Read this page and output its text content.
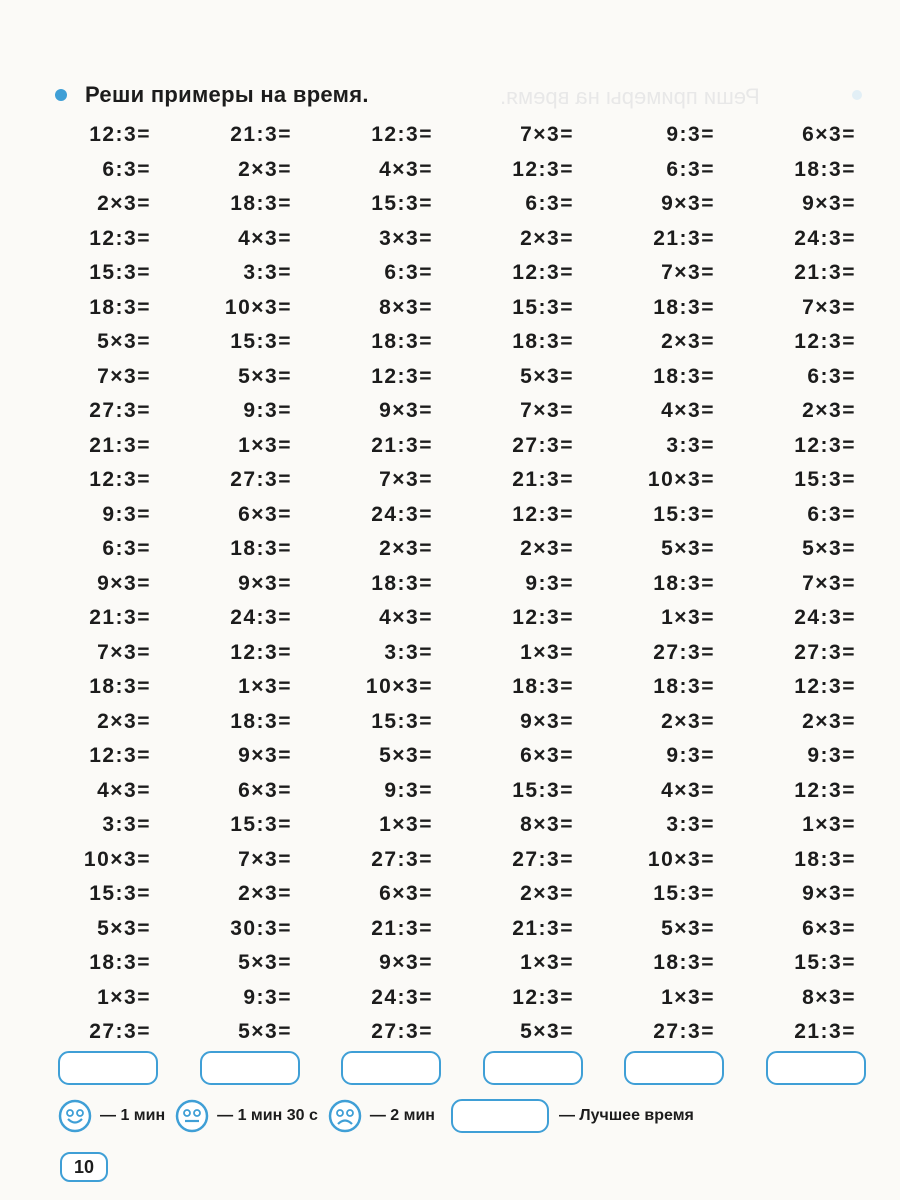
Реши примеры на время.
Реши примеры на время.
12:3=	21:3=	12:3=	7×3=	9:3=	6×3=
6:3=	2×3=	4×3=	12:3=	6:3=	18:3=
2×3=	18:3=	15:3=	6:3=	9×3=	9×3=
12:3=	4×3=	3×3=	2×3=	21:3=	24:3=
15:3=	3:3=	6:3=	12:3=	7×3=	21:3=
18:3=	10×3=	8×3=	15:3=	18:3=	7×3=
5×3=	15:3=	18:3=	18:3=	2×3=	12:3=
7×3=	5×3=	12:3=	5×3=	18:3=	6:3=
27:3=	9:3=	9×3=	7×3=	4×3=	2×3=
21:3=	1×3=	21:3=	27:3=	3:3=	12:3=
12:3=	27:3=	7×3=	21:3=	10×3=	15:3=
9:3=	6×3=	24:3=	12:3=	15:3=	6:3=
6:3=	18:3=	2×3=	2×3=	5×3=	5×3=
9×3=	9×3=	18:3=	9:3=	18:3=	7×3=
21:3=	24:3=	4×3=	12:3=	1×3=	24:3=
7×3=	12:3=	3:3=	1×3=	27:3=	27:3=
18:3=	1×3=	10×3=	18:3=	18:3=	12:3=
2×3=	18:3=	15:3=	9×3=	2×3=	2×3=
12:3=	9×3=	5×3=	6×3=	9:3=	9:3=
4×3=	6×3=	9:3=	15:3=	4×3=	12:3=
3:3=	15:3=	1×3=	8×3=	3:3=	1×3=
10×3=	7×3=	27:3=	27:3=	10×3=	18:3=
15:3=	2×3=	6×3=	2×3=	15:3=	9×3=
5×3=	30:3=	21:3=	21:3=	5×3=	6×3=
18:3=	5×3=	9×3=	1×3=	18:3=	15:3=
1×3=	9:3=	24:3=	12:3=	1×3=	8×3=
27:3=	5×3=	27:3=	5×3=	27:3=	21:3=
— 1 мин	— 1 мин 30 с	— 2 мин	— Лучшее время
10
